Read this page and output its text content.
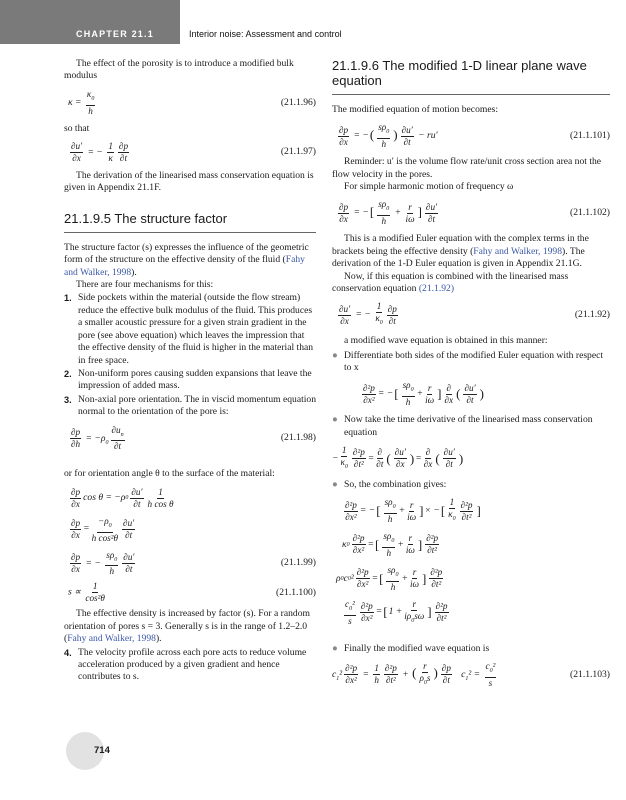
CHAPTER 21.1	Interior noise: Assessment and control

The effect of the porosity is to introduce a modified bulk modulus

$\kappa = \frac{\kappa_0}{h}$	(21.1.96)

so that

$\frac{\partial u'}{\partial x}$ = − $\frac{1}{\kappa} \frac{\partial p}{\partial t}$	(21.1.97)

The derivation of the linearised mass conservation equation is given in Appendix 21.1F.

21.1.9.5 The structure factor

The structure factor (s) expresses the influence of the geometric form of the structure on the effective density of the fluid (Fahy and Walker, 1998).

There are four mechanisms for this:

1. Side pockets within the material (outside the flow stream) reduce the effective bulk modulus of the fluid. This produces a smaller acoustic pressure for a given strain gradient in the pore (see above equation) which leaves the impression that the effective density of the fluid is higher in the material than in free space.
2. Non-uniform pores causing sudden expansions that leave the impression of added mass.
3. Non-axial pore orientation. The in viscid momentum equation normal to the orientation of the pore is:
$\frac{\partial p}{\partial h} = -\rho_0 \frac{\partial u_n}{\partial t}$	(21.1.98)

or for orientation angle θ to the surface of the material:

$\frac{\partial p}{\partial x}$ cos θ = −ρ $0 \frac{\partial u'}{\partial t} \frac{1}{\text{h cos θ}}$
$\frac{\partial p}{\partial x} = \frac{-\rho_0}{\text{h cos²θ}} \frac{\partial u'}{\partial t}$
$\frac{\partial p}{\partial x}$ = − $\frac{s\rho_0}{h} \frac{\partial u'}{\partial t}$	(21.1.99)
$s \propto \frac{1}{\text{cos²θ}}$	(21.1.100)

The effective density is increased by factor (s). For a random orientation of pores s = 3. Generally s is in the range of 1.2–2.0 (Fahy and Walker, 1998).

4. The velocity profile across each pore acts to reduce volume acceleration produced by a given gradient and hence contributes to s.
21.1.9.6 The modified 1-D linear plane wave equation

The modified equation of motion becomes:

$\frac{\partial p}{\partial x}$ = −( $\frac{s\rho_0}{h}$ ) $\frac{\partial u'}{\partial t} - ru'$	(21.1.101)

Reminder: u′ is the volume flow rate/unit cross section area not the flow velocity in the pores.

For simple harmonic motion of frequency ω

$\frac{\partial p}{\partial x}$ = −[ $\frac{s\rho_0}{h} + \frac{r}{i\omega}$ ] $\frac{\partial u'}{\partial t}$	(21.1.102)

This is a modified Euler equation with the complex terms in the brackets being the effective density (Fahy and Walker, 1998). The derivation of the 1-D Euler equation is given in Appendix 21.1G.

Now, if this equation is combined with the linearised mass conservation equation (21.1.92)

$\frac{\partial u'}{\partial x}$ = − $\frac{1}{\kappa_0} \frac{\partial p}{\partial t}$	(21.1.92)

a modified wave equation is obtained in this manner:

● Differentiate both sides of the modified Euler equation with respect to x
$\frac{\text{∂²p}}{\text{∂x²}}$ = − [ $\frac{s\rho_0}{h} + \frac{r}{i\omega}$ ] $\frac{\partial}{\partial x}$ ( $\frac{\partial u'}{\partial t}$ )
● Now take the time derivative of the linearised mass conservation equation
− $\frac{1}{\kappa_0} \frac{\text{∂²p}}{\text{∂t²}} = \frac{\partial}{\partial t}$ ( $\frac{\partial u'}{\partial x}$ ) = $\frac{\partial}{\partial x}$ ( $\frac{\partial u'}{\partial t}$ )
● So, the combination gives:
$\frac{\text{∂²p}}{\text{∂x²}}$ = − [ $\frac{s\rho_0}{h} + \frac{r}{i\omega}$ ] × − [ $\frac{1}{\kappa_0} \frac{\text{∂²p}}{\text{∂t²}}$ ]
κ $0 \frac{\text{∂²p}}{\text{∂x²}}$ = [ $\frac{s\rho_0}{h} + \frac{r}{i\omega}$ ] $\frac{\text{∂²p}}{\text{∂t²}}$
ρ 0 c 0 $^2 \frac{\text{∂²p}}{\text{∂x²}}$ = [ $\frac{s\rho_0}{h} + \frac{r}{i\omega}$ ] $\frac{\text{∂²p}}{\text{∂t²}}$
$\frac{c_0^2}{s} \frac{\text{∂²p}}{\text{∂x²}}$ = [ $1 + \frac{r}{i\rho_0s\omega}$ ] $\frac{\text{∂²p}}{\text{∂t²}}$
● Finally the modified wave equation is
$c_1^2 \frac{\text{∂²p}}{\text{∂x²}} = \frac{1}{h} \frac{\text{∂²p}}{\text{∂t²}}$ + ( $\frac{r}{\rho_0s}$ ) $\frac{\partial p}{\partial t} c_1^2 = \frac{c_0^2}{s}$	(21.1.103)
714
